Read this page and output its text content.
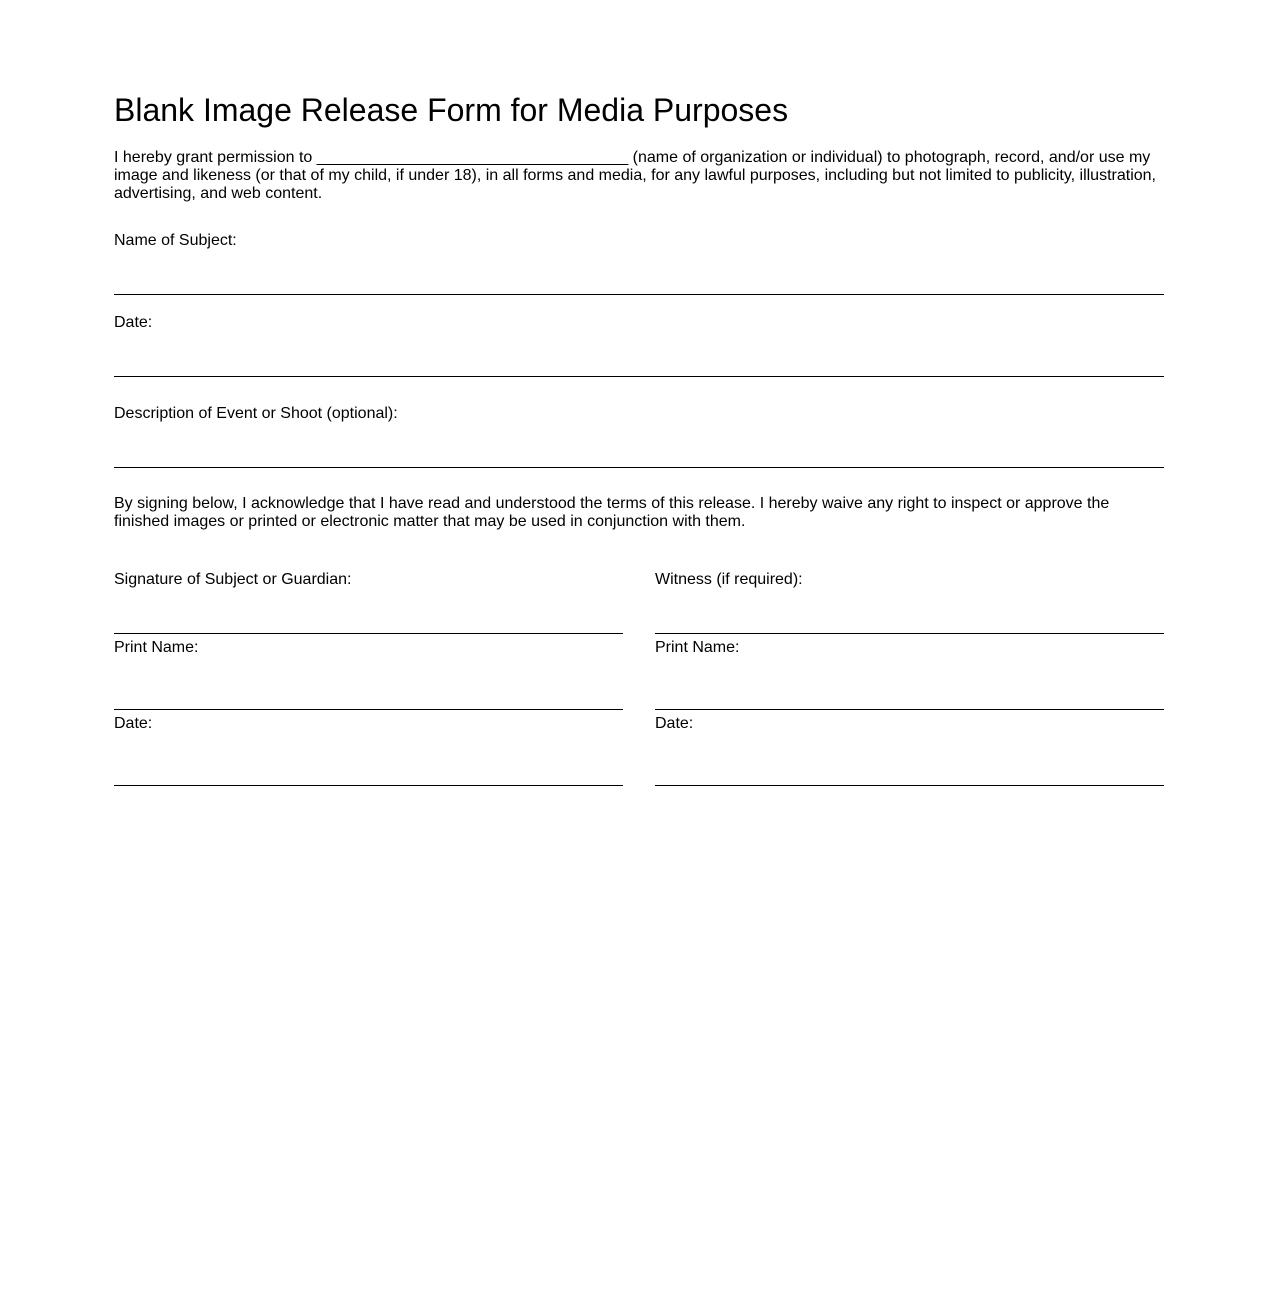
Blank Image Release Form for Media Purposes

I hereby grant permission to ___________________________________ (name of organization or individual) to photograph, record, and/or use my image and likeness (or that of my child, if under 18), in all forms and media, for any lawful purposes, including but not limited to publicity, illustration, advertising, and web content.

Name of Subject:
Date:
Description of Event or Shoot (optional):

By signing below, I acknowledge that I have read and understood the terms of this release. I hereby waive any right to inspect or approve the finished images or printed or electronic matter that may be used in conjunction with them.

Signature of Subject or Guardian:
Print Name:
Date:
Witness (if required):
Print Name:
Date:
